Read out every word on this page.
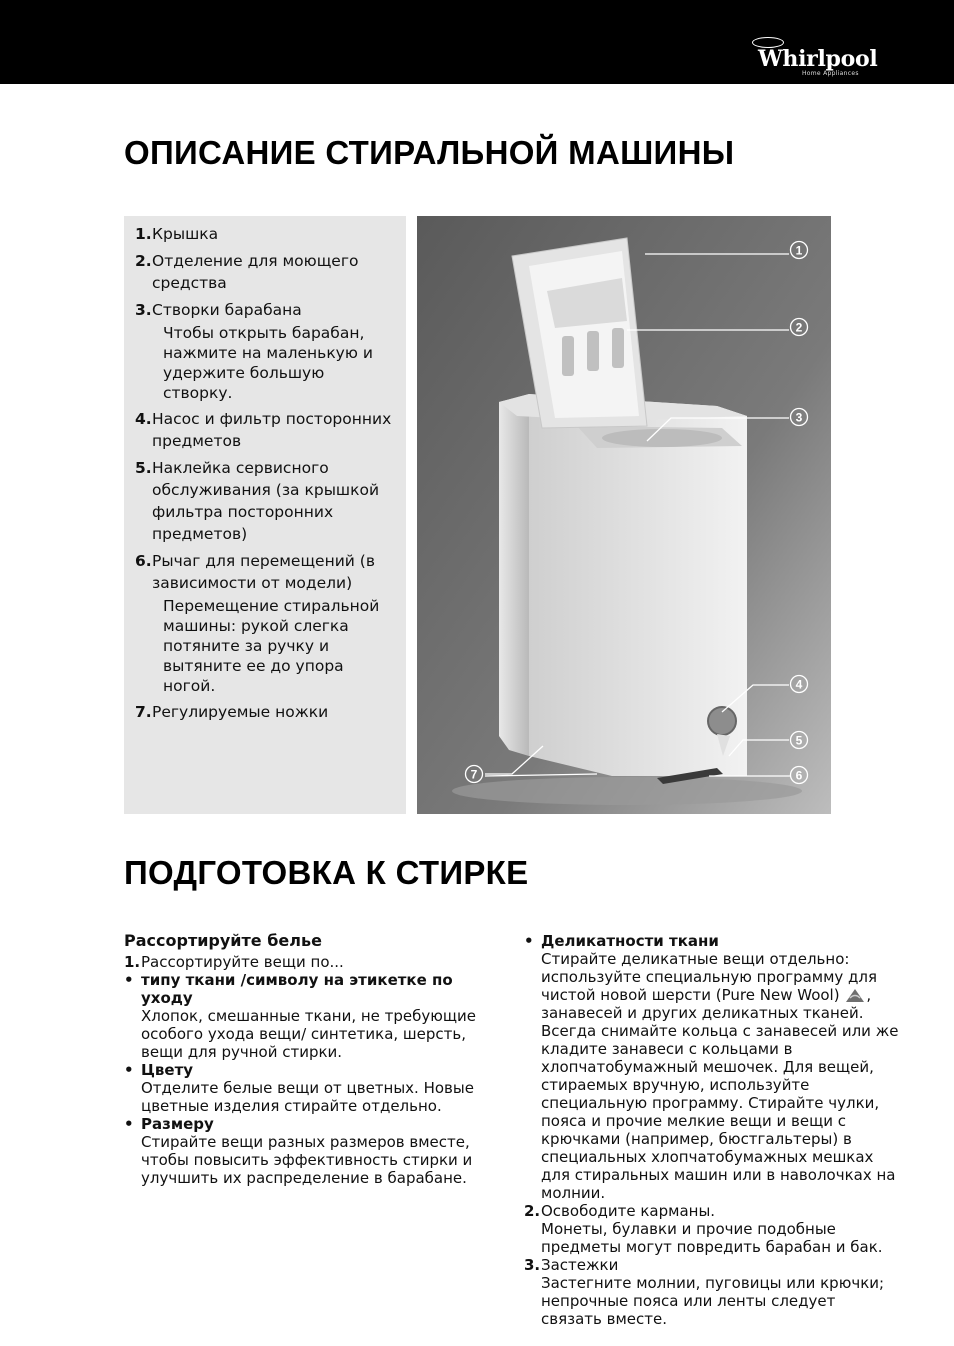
Whirlpool
Home Appliances
ОПИСАНИЕ СТИРАЛЬНОЙ МАШИНЫ
1. Крышка
2. Отделение для моющего средства
3. Створки барабана
Чтобы открыть барабан, нажмите на маленькую и удержите большую створку.
4. Насос и фильтр посторонних предметов
5. Наклейка сервисного обслуживания (за крышкой фильтра посторонних предметов)
6. Рычаг для перемещений (в зависимости от модели)
Перемещение стиральной машины: рукой слегка потяните за ручку и вытяните ее до упора ногой.
7. Регулируемые ножки
1
2
3
4
5
6
7
ПОДГОТОВКА К СТИРКЕ
Рассортируйте белье
1. Рассортируйте вещи по...
• типу ткани /символу на этикетке по уходу
Хлопок, смешанные ткани, не требующие особого ухода вещи/ синтетика, шерсть, вещи для ручной стирки.
• Цвету
Отделите белые вещи от цветных. Новые цветные изделия стирайте отдельно.
• Размеру
Стирайте вещи разных размеров вместе, чтобы повысить эффективность стирки и улучшить их распределение в барабане.
• Деликатности ткани
Стирайте деликатные вещи отдельно: используйте специальную программу для чистой новой шерсти (Pure New Wool) , занавесей и других деликатных тканей. Всегда снимайте кольца с занавесей или же кладите занавеси с кольцами в хлопчатобумажный мешочек. Для вещей, стираемых вручную, используйте специальную программу. Стирайте чулки, пояса и прочие мелкие вещи и вещи с крючками (например, бюстгальтеры) в специальных хлопчатобумажных мешках для стиральных машин или в наволочках на молнии.
2. Освободите карманы.
Монеты, булавки и прочие подобные предметы могут повредить барабан и бак.
3. Застежки
Застегните молнии, пуговицы или крючки; непрочные пояса или ленты следует связать вместе.
